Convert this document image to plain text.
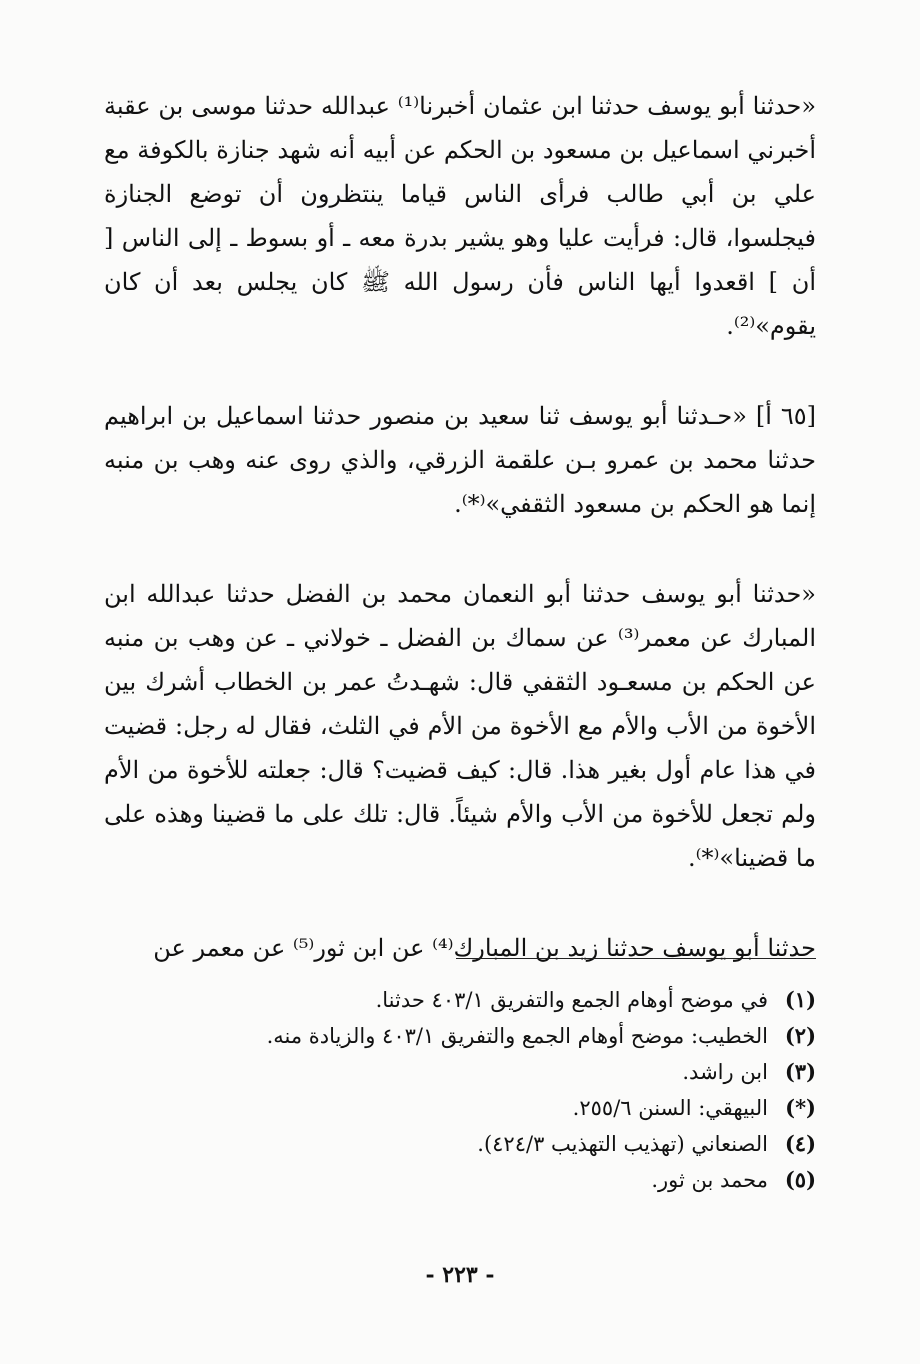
«حدثنا أبو يوسف حدثنا ابن عثمان أخبرنا⁽¹⁾ عبدالله حدثنا موسى بن عقبة أخبرني اسماعيل بن مسعود بن الحكم عن أبيه أنه شهد جنازة بالكوفة مع علي بن أبي طالب فرأى الناس قياما ينتظرون أن توضع الجنازة فيجلسوا، قال: فرأيت عليا وهو يشير بدرة معه ـ أو بسوط ـ إلى الناس [ أن ] اقعدوا أيها الناس فأن رسول الله ﷺ كان يجلس بعد أن كان يقوم»⁽²⁾.

[٦٥ أ] «حـدثنا أبو يوسف ثنا سعيد بن منصور حدثنا اسماعيل بن ابراهيم حدثنا محمد بن عمرو بـن علقمة الزرقي، والذي روى عنه وهب بن منبه إنما هو الحكم بن مسعود الثقفي»⁽*⁾.

«حدثنا أبو يوسف حدثنا أبو النعمان محمد بن الفضل حدثنا عبدالله ابن المبارك عن معمر⁽³⁾ عن سماك بن الفضل ـ خولاني ـ عن وهب بن منبه عن الحكم بن مسعـود الثقفي قال: شهـدتُ عمر بن الخطاب أشرك بين الأخوة من الأب والأم مع الأخوة من الأم في الثلث، فقال له رجل: قضيت في هذا عام أول بغير هذا. قال: كيف قضيت؟ قال: جعلته للأخوة من الأم ولم تجعل للأخوة من الأب والأم شيئاً. قال: تلك على ما قضينا وهذه على ما قضينا»⁽*⁾.

حدثنا أبو يوسف حدثنا زيد بن المبارك⁽⁴⁾ عن ابن ثور⁽⁵⁾ عن معمر عن

(١)
في موضح أوهام الجمع والتفريق ٤٠٣/١ حدثنا.
(٢)
الخطيب: موضح أوهام الجمع والتفريق ٤٠٣/١ والزيادة منه.
(٣)
ابن راشد.
(*)
البيهقي: السنن ٢٥٥/٦.
(٤)
الصنعاني (تهذيب التهذيب ٤٢٤/٣).
(٥)
محمد بن ثور.
- ٢٢٣ -
